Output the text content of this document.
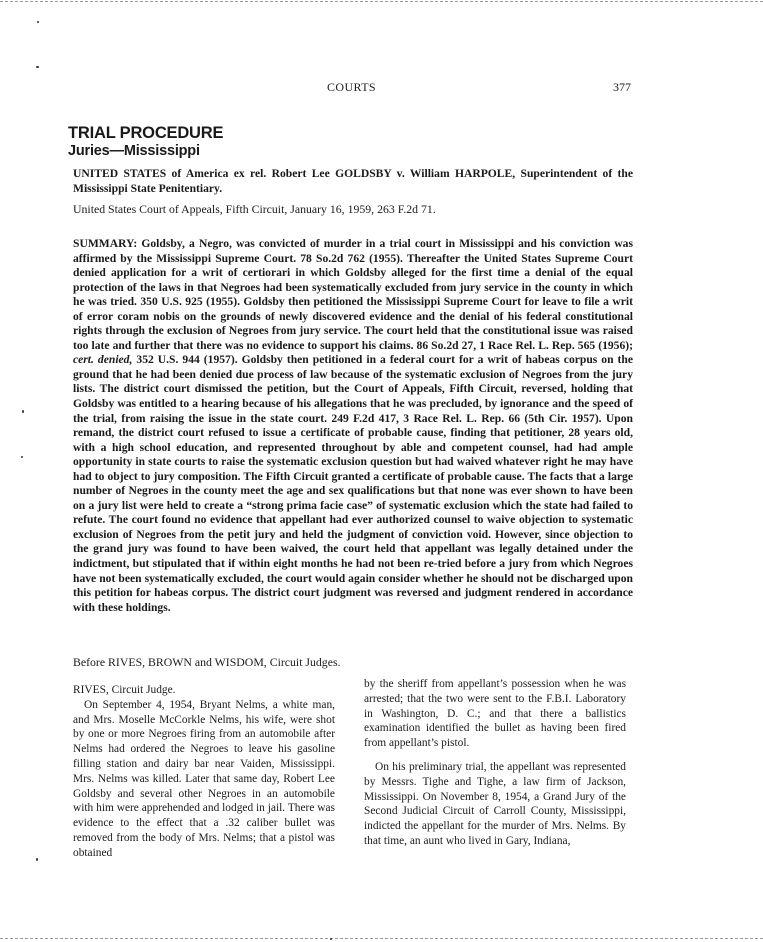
COURTS	377
TRIAL PROCEDURE
Juries—Mississippi
UNITED STATES of America ex rel. Robert Lee GOLDSBY v. William HARPOLE, Superintendent of the Mississippi State Penitentiary.
United States Court of Appeals, Fifth Circuit, January 16, 1959, 263 F.2d 71.
SUMMARY: Goldsby, a Negro, was convicted of murder in a trial court in Mississippi and his conviction was affirmed by the Mississippi Supreme Court. 78 So.2d 762 (1955). Thereafter the United States Supreme Court denied application for a writ of certiorari in which Goldsby alleged for the first time a denial of the equal protection of the laws in that Negroes had been systematically excluded from jury service in the county in which he was tried. 350 U.S. 925 (1955). Goldsby then petitioned the Mississippi Supreme Court for leave to file a writ of error coram nobis on the grounds of newly discovered evidence and the denial of his federal constitutional rights through the exclusion of Negroes from jury service. The court held that the constitutional issue was raised too late and further that there was no evidence to support his claims. 86 So.2d 27, 1 Race Rel. L. Rep. 565 (1956); cert. denied, 352 U.S. 944 (1957). Goldsby then petitioned in a federal court for a writ of habeas corpus on the ground that he had been denied due process of law because of the systematic exclusion of Negroes from the jury lists. The district court dismissed the petition, but the Court of Appeals, Fifth Circuit, reversed, holding that Goldsby was entitled to a hearing because of his allegations that he was precluded, by ignorance and the speed of the trial, from raising the issue in the state court. 249 F.2d 417, 3 Race Rel. L. Rep. 66 (5th Cir. 1957). Upon remand, the district court refused to issue a certificate of probable cause, finding that petitioner, 28 years old, with a high school education, and represented throughout by able and competent counsel, had had ample opportunity in state courts to raise the systematic exclusion question but had waived whatever right he may have had to object to jury composition. The Fifth Circuit granted a certificate of probable cause. The facts that a large number of Negroes in the county meet the age and sex qualifications but that none was ever shown to have been on a jury list were held to create a “strong prima facie case” of systematic exclusion which the state had failed to refute. The court found no evidence that appellant had ever authorized counsel to waive objection to systematic exclusion of Negroes from the petit jury and held the judgment of conviction void. However, since objection to the grand jury was found to have been waived, the court held that appellant was legally detained under the indictment, but stipulated that if within eight months he had not been re-tried before a jury from which Negroes have not been systematically excluded, the court would again consider whether he should not be discharged upon this petition for habeas corpus. The district court judgment was reversed and judgment rendered in accordance with these holdings.
Before RIVES, BROWN and WISDOM, Circuit Judges.

RIVES, Circuit Judge.

On September 4, 1954, Bryant Nelms, a white man, and Mrs. Moselle McCorkle Nelms, his wife, were shot by one or more Negroes firing from an automobile after Nelms had ordered the Negroes to leave his gasoline filling station and dairy bar near Vaiden, Mississippi. Mrs. Nelms was killed. Later that same day, Robert Lee Goldsby and several other Negroes in an automobile with him were apprehended and lodged in jail. There was evidence to the effect that a .32 caliber bullet was removed from the body of Mrs. Nelms; that a pistol was obtained

by the sheriff from appellant’s possession when he was arrested; that the two were sent to the F.B.I. Laboratory in Washington, D. C.; and that there a ballistics examination identified the bullet as having been fired from appellant’s pistol.

On his preliminary trial, the appellant was represented by Messrs. Tighe and Tighe, a law firm of Jackson, Mississippi. On November 8, 1954, a Grand Jury of the Second Judicial Circuit of Carroll County, Mississippi, indicted the appellant for the murder of Mrs. Nelms. By that time, an aunt who lived in Gary, Indiana,
